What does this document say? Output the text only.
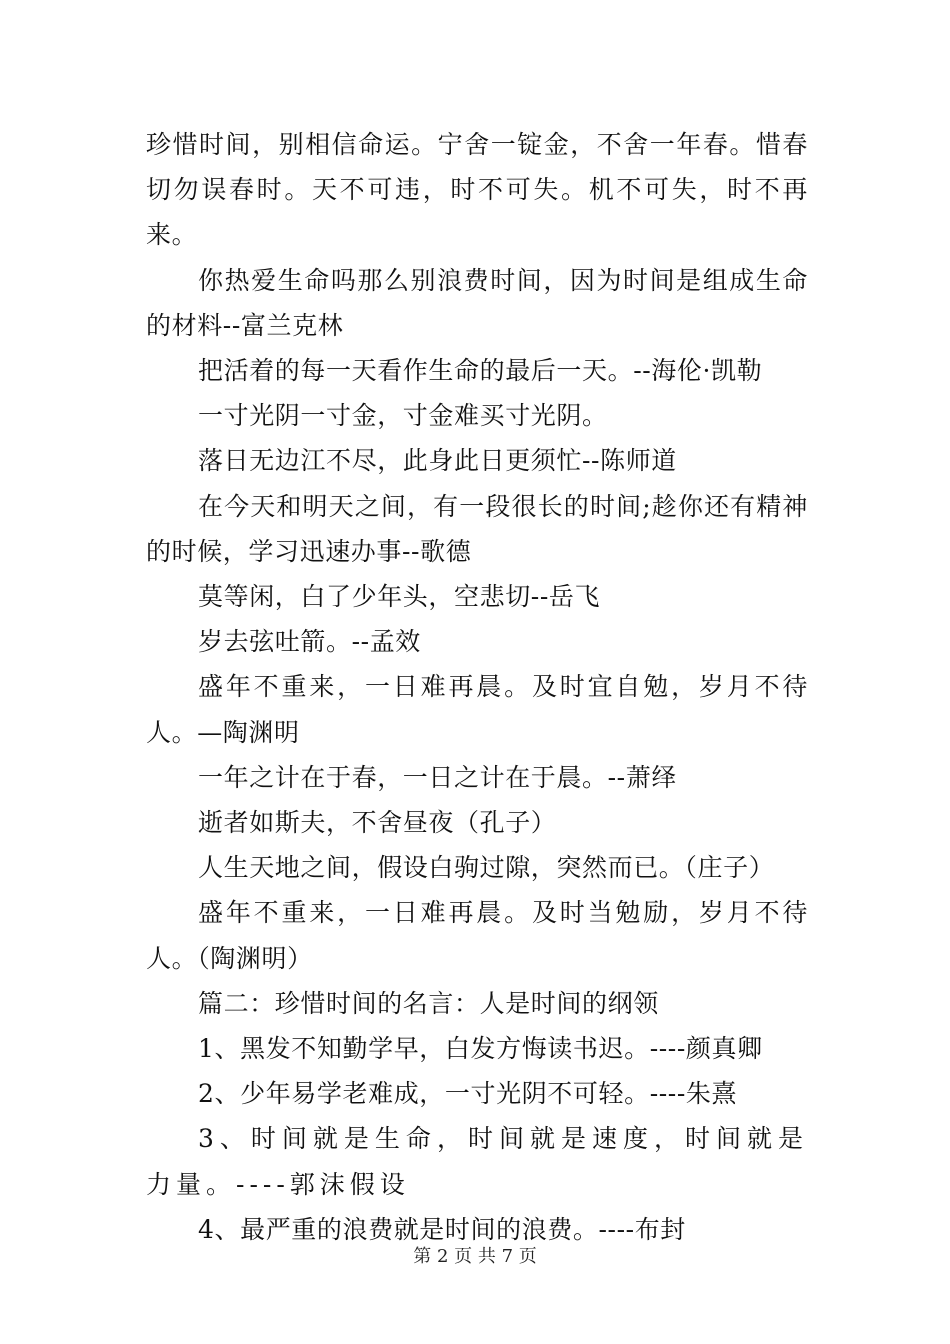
珍惜时间，别相信命运。宁舍一锭金，不舍一年春。惜春切勿误春时。天不可违，时不可失。机不可失，时不再来。

你热爱生命吗那么别浪费时间，因为时间是组成生命的材料--富兰克林

把活着的每一天看作生命的最后一天。--海伦·凯勒

一寸光阴一寸金，寸金难买寸光阴。

落日无边江不尽，此身此日更须忙--陈师道

在今天和明天之间，有一段很长的时间;趁你还有精神的时候，学习迅速办事--歌德

莫等闲，白了少年头，空悲切--岳飞

岁去弦吐箭。--孟效

盛年不重来，一日难再晨。及时宜自勉，岁月不待人。—陶渊明

一年之计在于春，一日之计在于晨。--萧绎

逝者如斯夫，不舍昼夜（孔子）

人生天地之间，假设白驹过隙，突然而已。（庄子）

盛年不重来，一日难再晨。及时当勉励，岁月不待人。（陶渊明）

篇二：珍惜时间的名言：人是时间的纲领

1、黑发不知勤学早，白发方悔读书迟。----颜真卿

2、少年易学老难成，一寸光阴不可轻。----朱熹

3、时间就是生命，时间就是速度，时间就是力量。----郭沫假设

4、最严重的浪费就是时间的浪费。----布封

第 2 页 共 7 页
